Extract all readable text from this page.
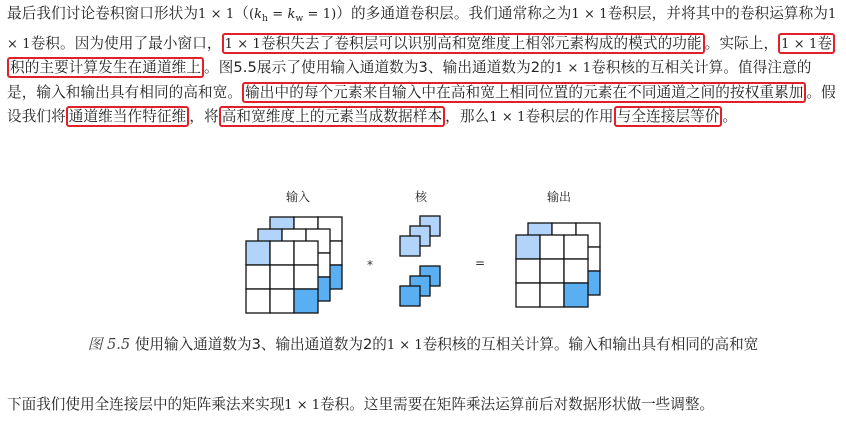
最后我们讨论卷积窗口形状为$1 \times 1((k_h = k_w = 1))$的多通道卷积层。我们通常称之为1 × 1卷积层，并将其中的卷积运算称为1 × 1卷积。因为使用了最小窗口， 1 × 1卷积失去了卷积层可以识别高和宽维度上相邻元素构成的模式的功能 。实际上， 1 × 1卷积的主要计算发生在通道维上 。图5.5展示了使用输入通道数为3、输出通道数为2的1 × 1卷积核的互相关计算。值得注意的是，输入和输出具有相同的高和宽。 输出中的每个元素来自输入中在高和宽上相同位置的元素在不同通道之间的按权重累加 。假设我们将 通道维当作特征维 ，将 高和宽维度上的元素当成数据样本 ，那么1 × 1卷积层的作用 与全连接层等价 。

输入	核	输出
*	=
图 5.5 使用输入通道数为3、输出通道数为2的1 × 1卷积核的互相关计算。输入和输出具有相同的高和宽
下面我们使用全连接层中的矩阵乘法来实现1 × 1卷积。这里需要在矩阵乘法运算前后对数据形状做一些调整。
